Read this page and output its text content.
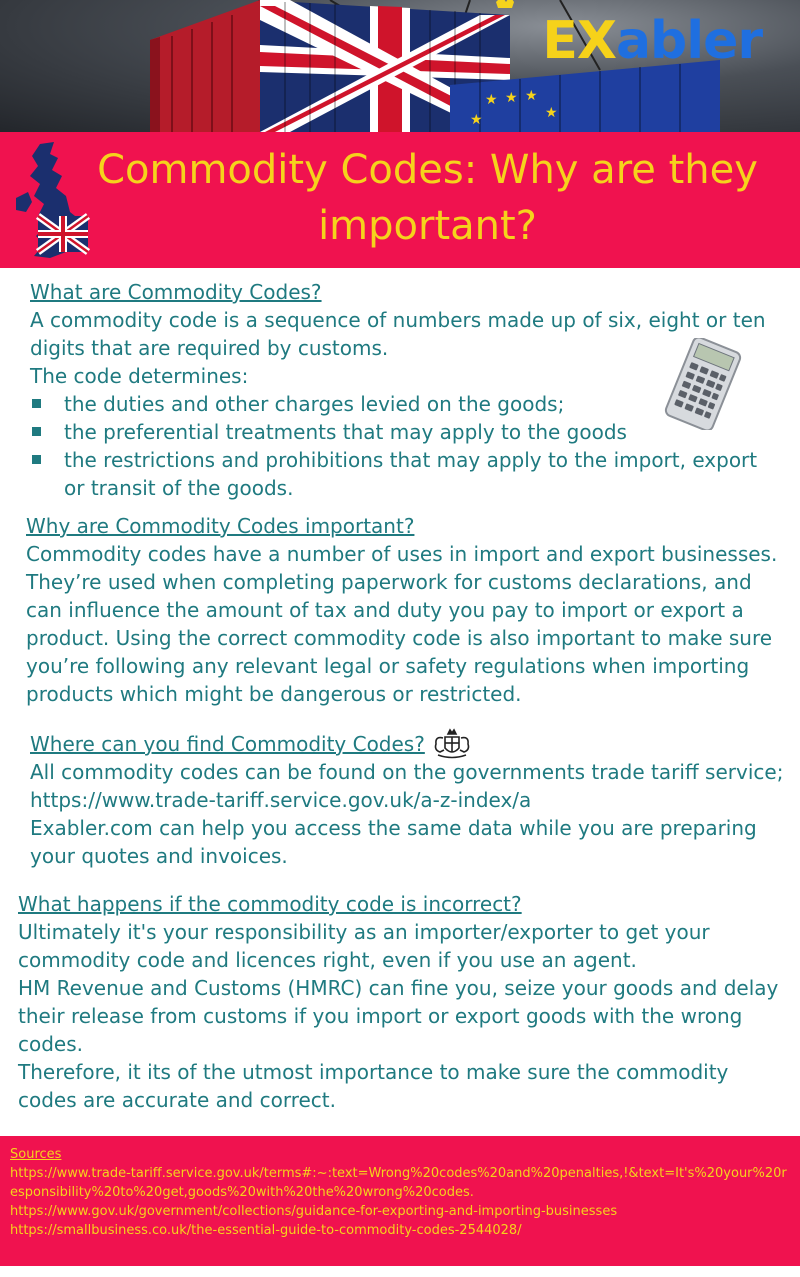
★ ★ ★
★	★
EXabler
Commodity Codes: Why are they important?
What are Commodity Codes?

A commodity code is a sequence of numbers made up of six, eight or ten digits that are required by customs.

The code determines:

the duties and other charges levied on the goods;
the preferential treatments that may apply to the goods
the restrictions and prohibitions that may apply to the import, export or transit of the goods.
Why are Commodity Codes important?

Commodity codes have a number of uses in import and export businesses. They’re used when completing paperwork for customs declarations, and can influence the amount of tax and duty you pay to import or export a product. Using the correct commodity code is also important to make sure you’re following any relevant legal or safety regulations when importing products which might be dangerous or restricted.

Where can you find Commodity Codes?

All commodity codes can be found on the governments trade tariff service;

https://www.trade-tariff.service.gov.uk/a-z-index/a

Exabler.com can help you access the same data while you are preparing your quotes and invoices.

What happens if the commodity code is incorrect?

Ultimately it's your responsibility as an importer/exporter to get your commodity code and licences right, even if you use an agent.

HM Revenue and Customs (HMRC) can fine you, seize your goods and delay their release from customs if you import or export goods with the wrong codes.

Therefore, it its of the utmost importance to make sure the commodity codes are accurate and correct.

Sources
https://www.trade-tariff.service.gov.uk/terms#:~:text=Wrong%20codes%20and%20penalties,!&text=It's%20your%20responsibility%20to%20get,goods%20with%20the%20wrong%20codes.
https://www.gov.uk/government/collections/guidance-for-exporting-and-importing-businesses
https://smallbusiness.co.uk/the-essential-guide-to-commodity-codes-2544028/
